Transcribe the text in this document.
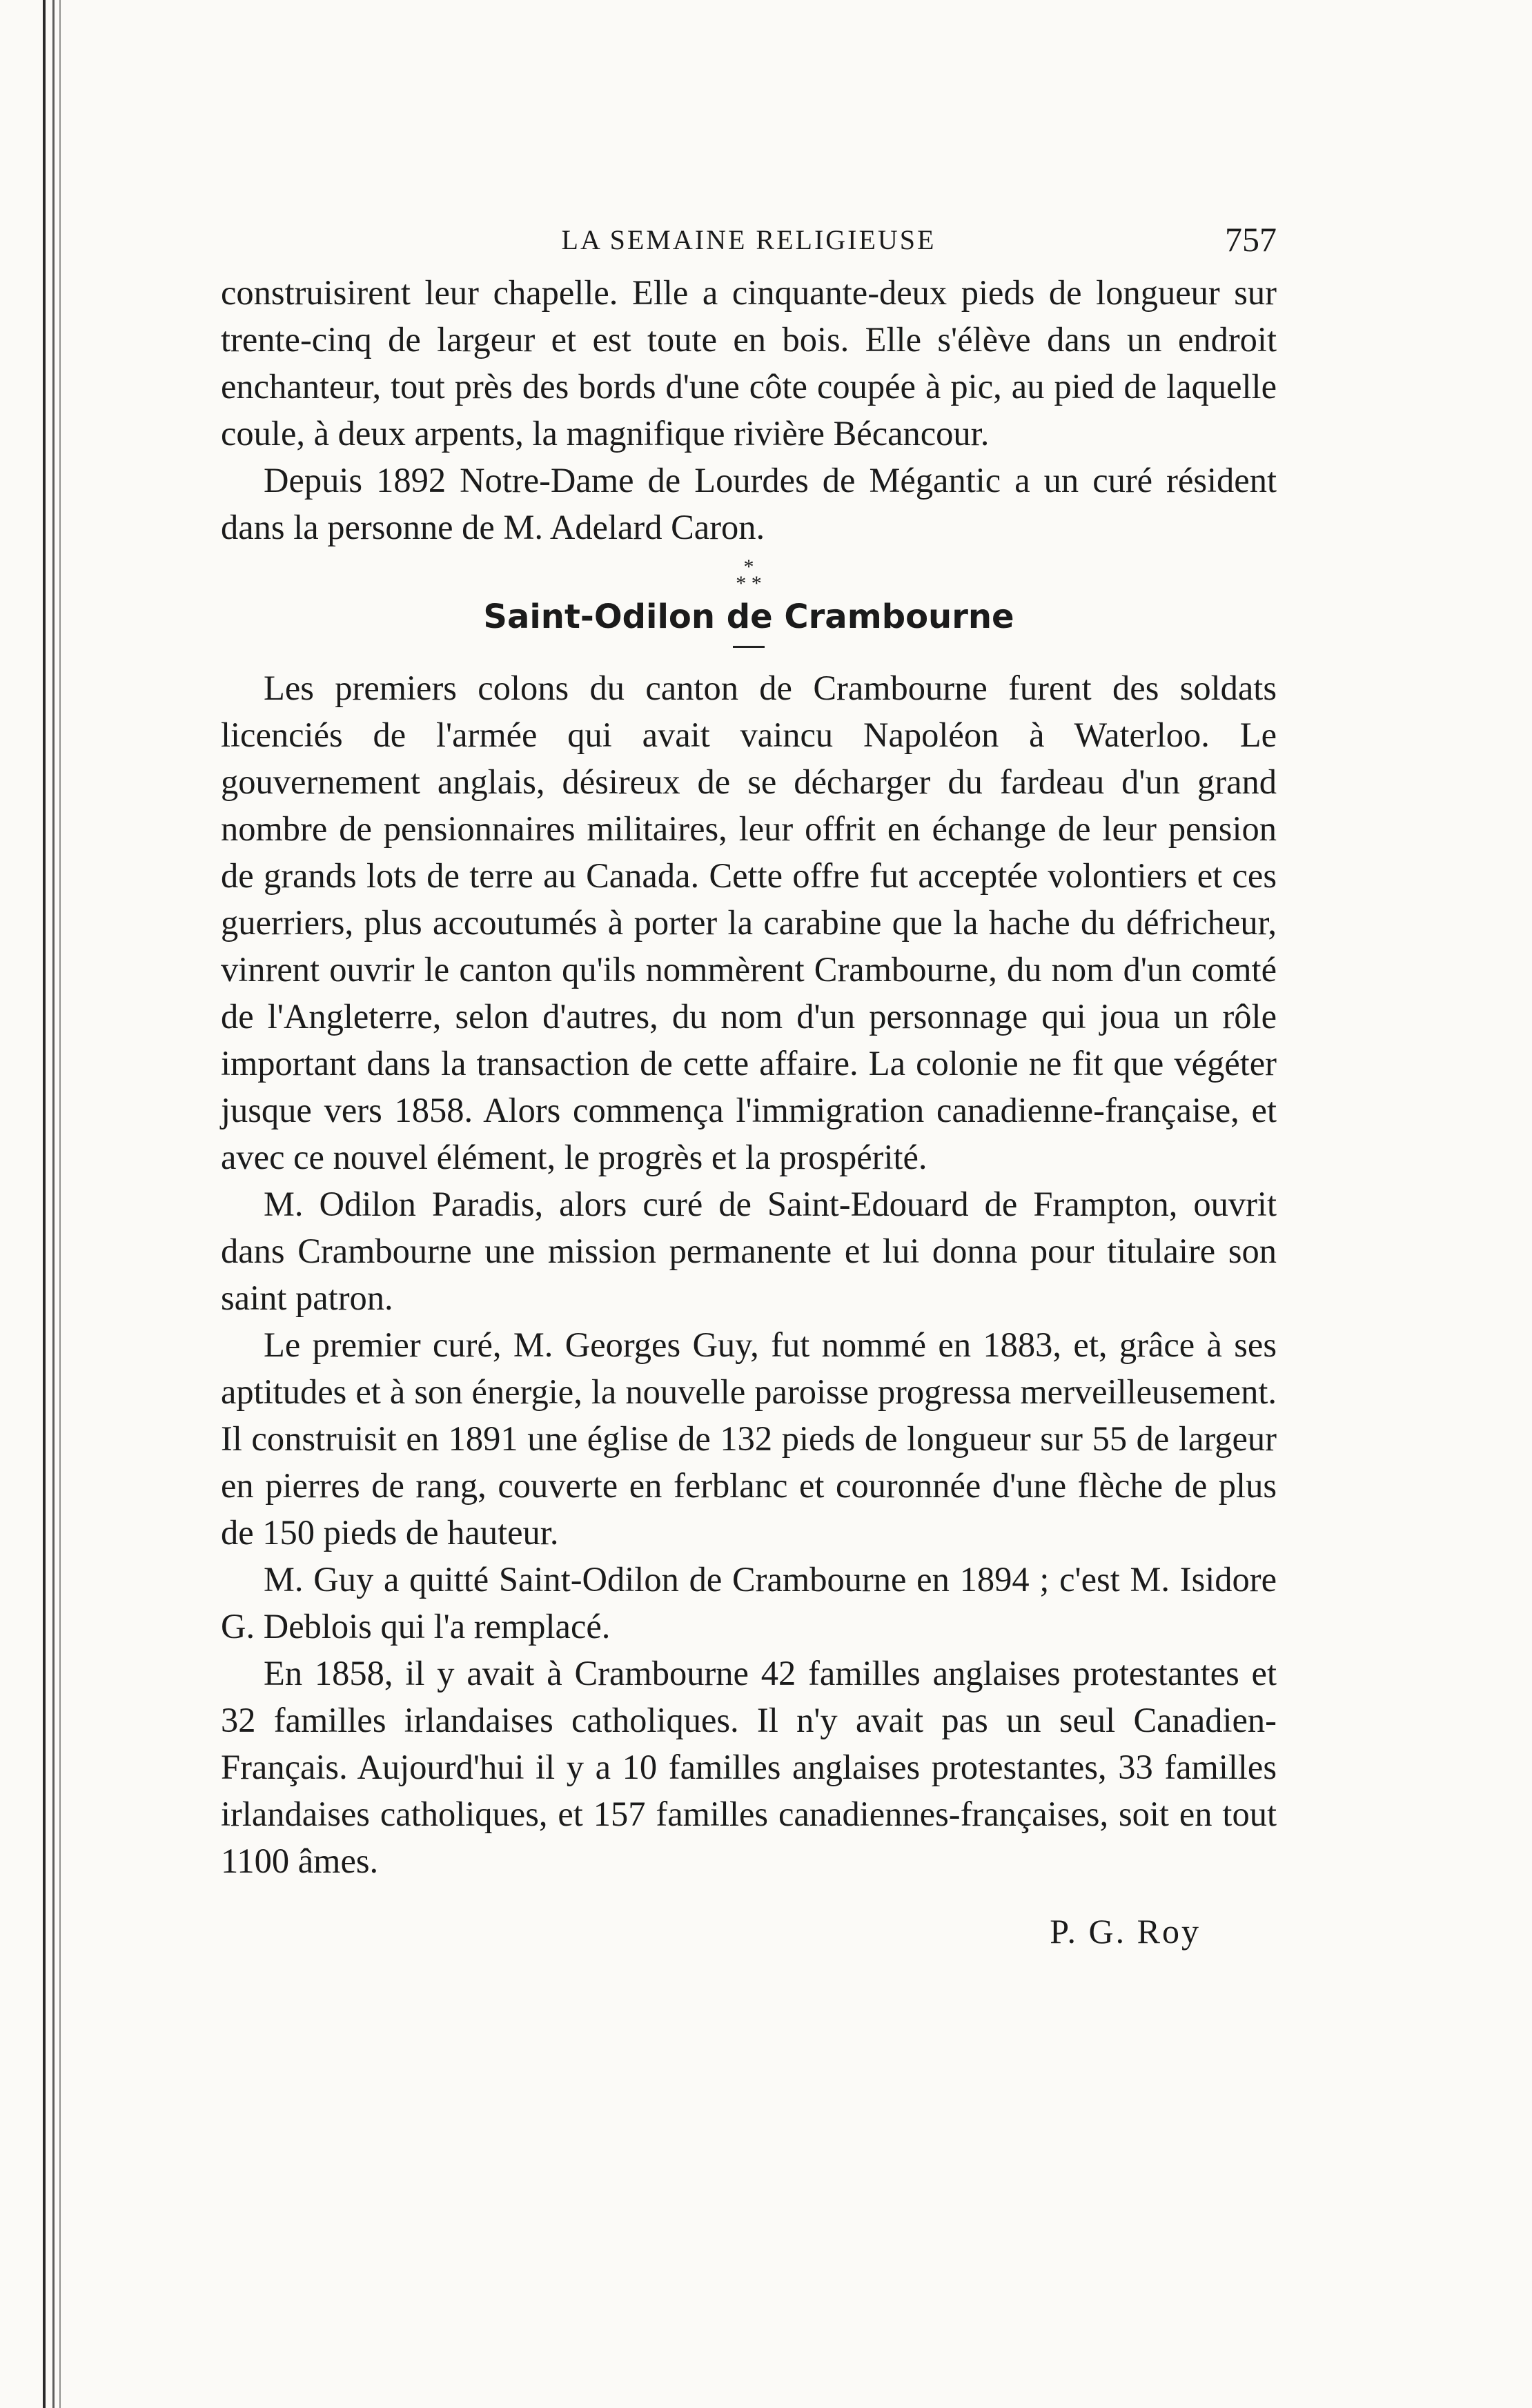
LA SEMAINE RELIGIEUSE	757

construisirent leur chapelle. Elle a cinquante-deux pieds de longueur sur trente-cinq de largeur et est toute en bois. Elle s'élève dans un endroit enchanteur, tout près des bords d'une côte coupée à pic, au pied de laquelle coule, à deux arpents, la magnifique rivière Bécancour.

Depuis 1892 Notre-Dame de Lourdes de Mégantic a un curé résident dans la personne de M. Adelard Caron.

*
* *
Saint-Odilon de Crambourne

Les premiers colons du canton de Crambourne furent des soldats licenciés de l'armée qui avait vaincu Napoléon à Waterloo. Le gouvernement anglais, désireux de se décharger du fardeau d'un grand nombre de pensionnaires militaires, leur offrit en échange de leur pension de grands lots de terre au Canada. Cette offre fut acceptée volontiers et ces guerriers, plus accoutumés à porter la carabine que la hache du défricheur, vinrent ouvrir le canton qu'ils nommèrent Crambourne, du nom d'un comté de l'Angleterre, selon d'autres, du nom d'un personnage qui joua un rôle important dans la transaction de cette affaire. La colonie ne fit que végéter jusque vers 1858. Alors commença l'immigration canadienne-française, et avec ce nouvel élément, le progrès et la prospérité.

M. Odilon Paradis, alors curé de Saint-Edouard de Frampton, ouvrit dans Crambourne une mission permanente et lui donna pour titulaire son saint patron.

Le premier curé, M. Georges Guy, fut nommé en 1883, et, grâce à ses aptitudes et à son énergie, la nouvelle paroisse progressa merveilleusement. Il construisit en 1891 une église de 132 pieds de longueur sur 55 de largeur en pierres de rang, couverte en ferblanc et couronnée d'une flèche de plus de 150 pieds de hauteur.

M. Guy a quitté Saint-Odilon de Crambourne en 1894 ; c'est M. Isidore G. Deblois qui l'a remplacé.

En 1858, il y avait à Crambourne 42 familles anglaises protestantes et 32 familles irlandaises catholiques. Il n'y avait pas un seul Canadien-Français. Aujourd'hui il y a 10 familles anglaises protestantes, 33 familles irlandaises catholiques, et 157 familles canadiennes-françaises, soit en tout 1100 âmes.

P. G. Roy
